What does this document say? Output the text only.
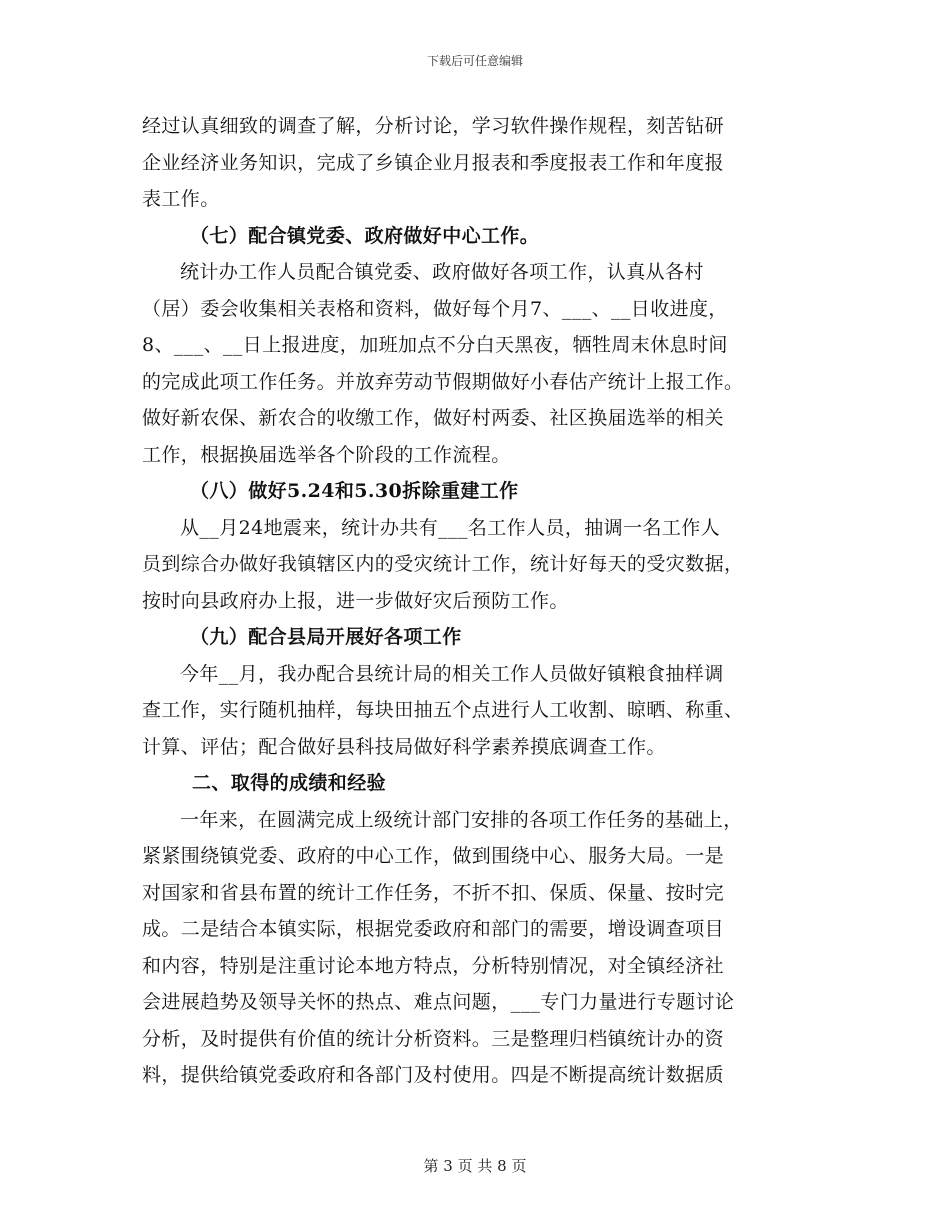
下载后可任意编辑
经过认真细致的调查了解，分析讨论，学习软件操作规程，刻苦钻研
企业经济业务知识，完成了乡镇企业月报表和季度报表工作和年度报
表工作。
（七）配合镇党委、政府做好中心工作。
统计办工作人员配合镇党委、政府做好各项工作，认真从各村
（居）委会收集相关表格和资料，做好每个月7、___、__日收进度，
8、___、__日上报进度，加班加点不分白天黑夜，牺牲周末休息时间
的完成此项工作任务。并放弃劳动节假期做好小春估产统计上报工作。
做好新农保、新农合的收缴工作，做好村两委、社区换届选举的相关
工作，根据换届选举各个阶段的工作流程。
（八）做好5.24和5.30拆除重建工作
从__月24地震来，统计办共有___名工作人员，抽调一名工作人
员到综合办做好我镇辖区内的受灾统计工作，统计好每天的受灾数据，
按时向县政府办上报，进一步做好灾后预防工作。
（九）配合县局开展好各项工作
今年__月，我办配合县统计局的相关工作人员做好镇粮食抽样调
查工作，实行随机抽样，每块田抽五个点进行人工收割、晾晒、称重、
计算、评估；配合做好县科技局做好科学素养摸底调查工作。
二、取得的成绩和经验
一年来，在圆满完成上级统计部门安排的各项工作任务的基础上，
紧紧围绕镇党委、政府的中心工作，做到围绕中心、服务大局。一是
对国家和省县布置的统计工作任务，不折不扣、保质、保量、按时完
成。二是结合本镇实际，根据党委政府和部门的需要，增设调查项目
和内容，特别是注重讨论本地方特点，分析特别情况，对全镇经济社
会进展趋势及领导关怀的热点、难点问题，___专门力量进行专题讨论
分析，及时提供有价值的统计分析资料。三是整理归档镇统计办的资
料，提供给镇党委政府和各部门及村使用。四是不断提高统计数据质
第 3 页 共 8 页
